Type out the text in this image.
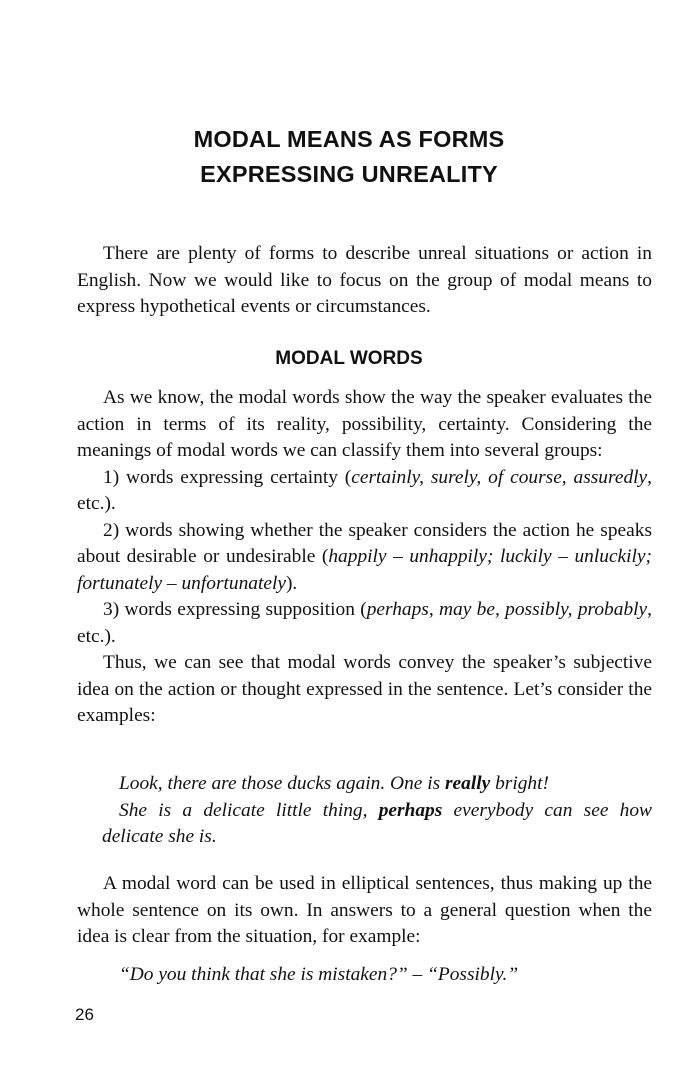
MODAL MEANS AS FORMS
EXPRESSING UNREALITY

There are plenty of forms to describe unreal situations or action in English. Now we would like to focus on the group of modal means to express hypothetical events or circumstances.

MODAL WORDS

As we know, the modal words show the way the speaker evaluates the action in terms of its reality, possibility, certainty. Considering the meanings of modal words we can classify them into several groups:

1) words expressing certainty (certainly, surely, of course, assuredly, etc.).

2) words showing whether the speaker considers the action he speaks about desirable or undesirable (happily – unhappily; luckily – unluckily; fortunately – unfortunately).

3) words expressing supposition (perhaps, may be, possibly, probably, etc.).

Thus, we can see that modal words convey the speaker’s subjective idea on the action or thought expressed in the sentence. Let’s consider the examples:

Look, there are those ducks again. One is really bright!

She is a delicate little thing, perhaps everybody can see how delicate she is.

A modal word can be used in elliptical sentences, thus making up the whole sentence on its own. In answers to a general question when the idea is clear from the situation, for example:

“Do you think that she is mistaken?” – “Possibly.”

26
